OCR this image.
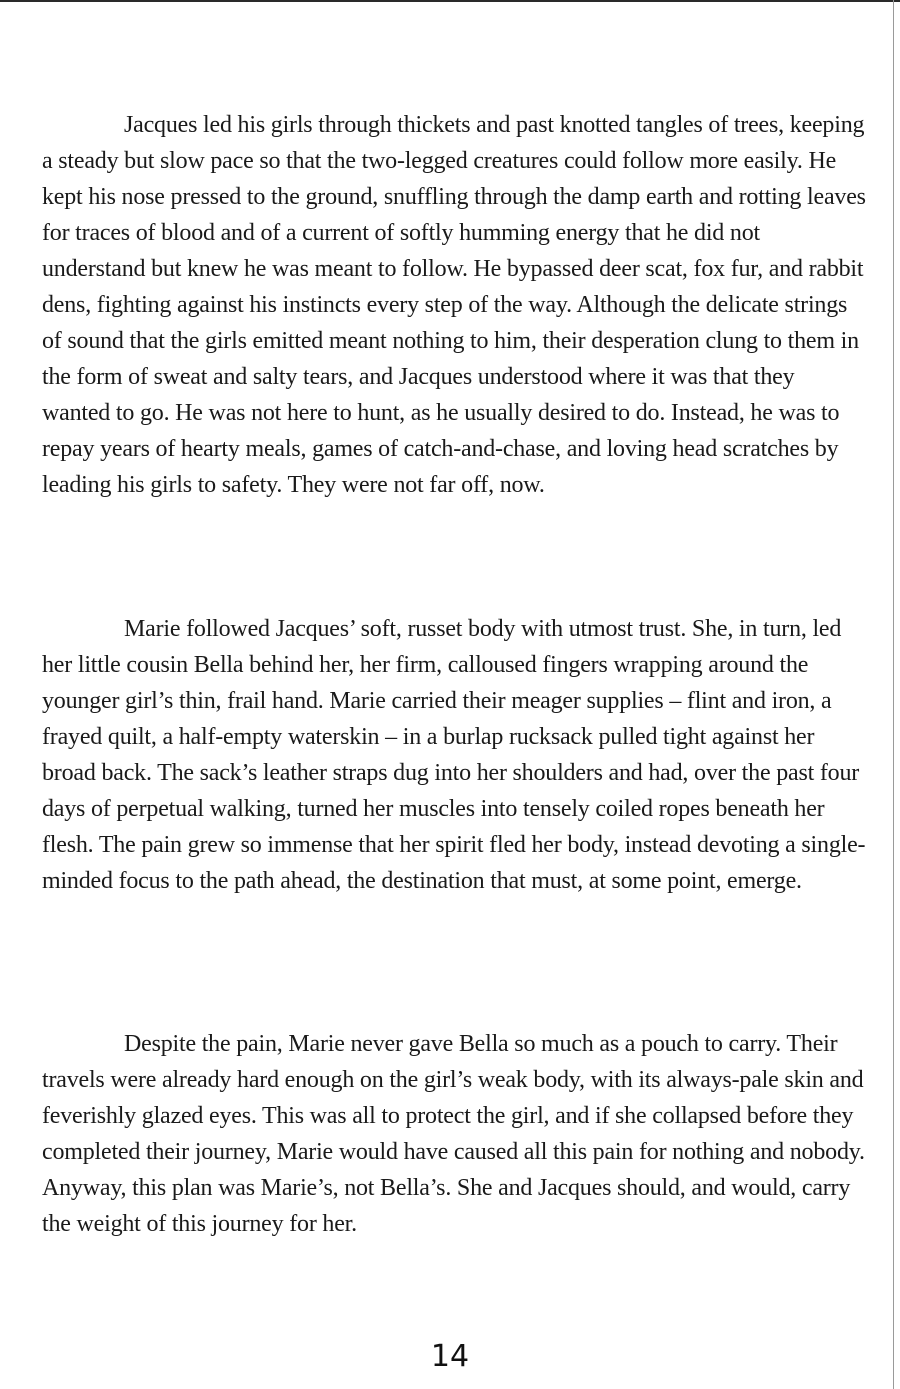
Jacques led his girls through thickets and past knotted tangles of trees, keeping a steady but slow pace so that the two-legged creatures could follow more easily. He kept his nose pressed to the ground, snuffling through the damp earth and rotting leaves for traces of blood and of a current of softly humming energy that he did not understand but knew he was meant to follow. He bypassed deer scat, fox fur, and rabbit dens, fighting against his instincts every step of the way. Although the delicate strings of sound that the girls emitted meant nothing to him, their desperation clung to them in the form of sweat and salty tears, and Jacques understood where it was that they wanted to go. He was not here to hunt, as he usually desired to do. Instead, he was to repay years of hearty meals, games of catch-and-chase, and loving head scratches by leading his girls to safety. They were not far off, now.

Marie followed Jacques’ soft, russet body with utmost trust. She, in turn, led her little cousin Bella behind her, her firm, calloused fingers wrapping around the younger girl’s thin, frail hand. Marie carried their meager supplies – flint and iron, a frayed quilt, a half-empty waterskin – in a burlap rucksack pulled tight against her broad back. The sack’s leather straps dug into her shoulders and had, over the past four days of perpetual walking, turned her muscles into tensely coiled ropes beneath her flesh. The pain grew so immense that her spirit fled her body, instead devoting a single-minded focus to the path ahead, the destination that must, at some point, emerge.

Despite the pain, Marie never gave Bella so much as a pouch to carry. Their travels were already hard enough on the girl’s weak body, with its always-pale skin and feverishly glazed eyes. This was all to protect the girl, and if she collapsed before they completed their journey, Marie would have caused all this pain for nothing and nobody. Anyway, this plan was Marie’s, not Bella’s. She and Jacques should, and would, carry the weight of this journey for her.

14
